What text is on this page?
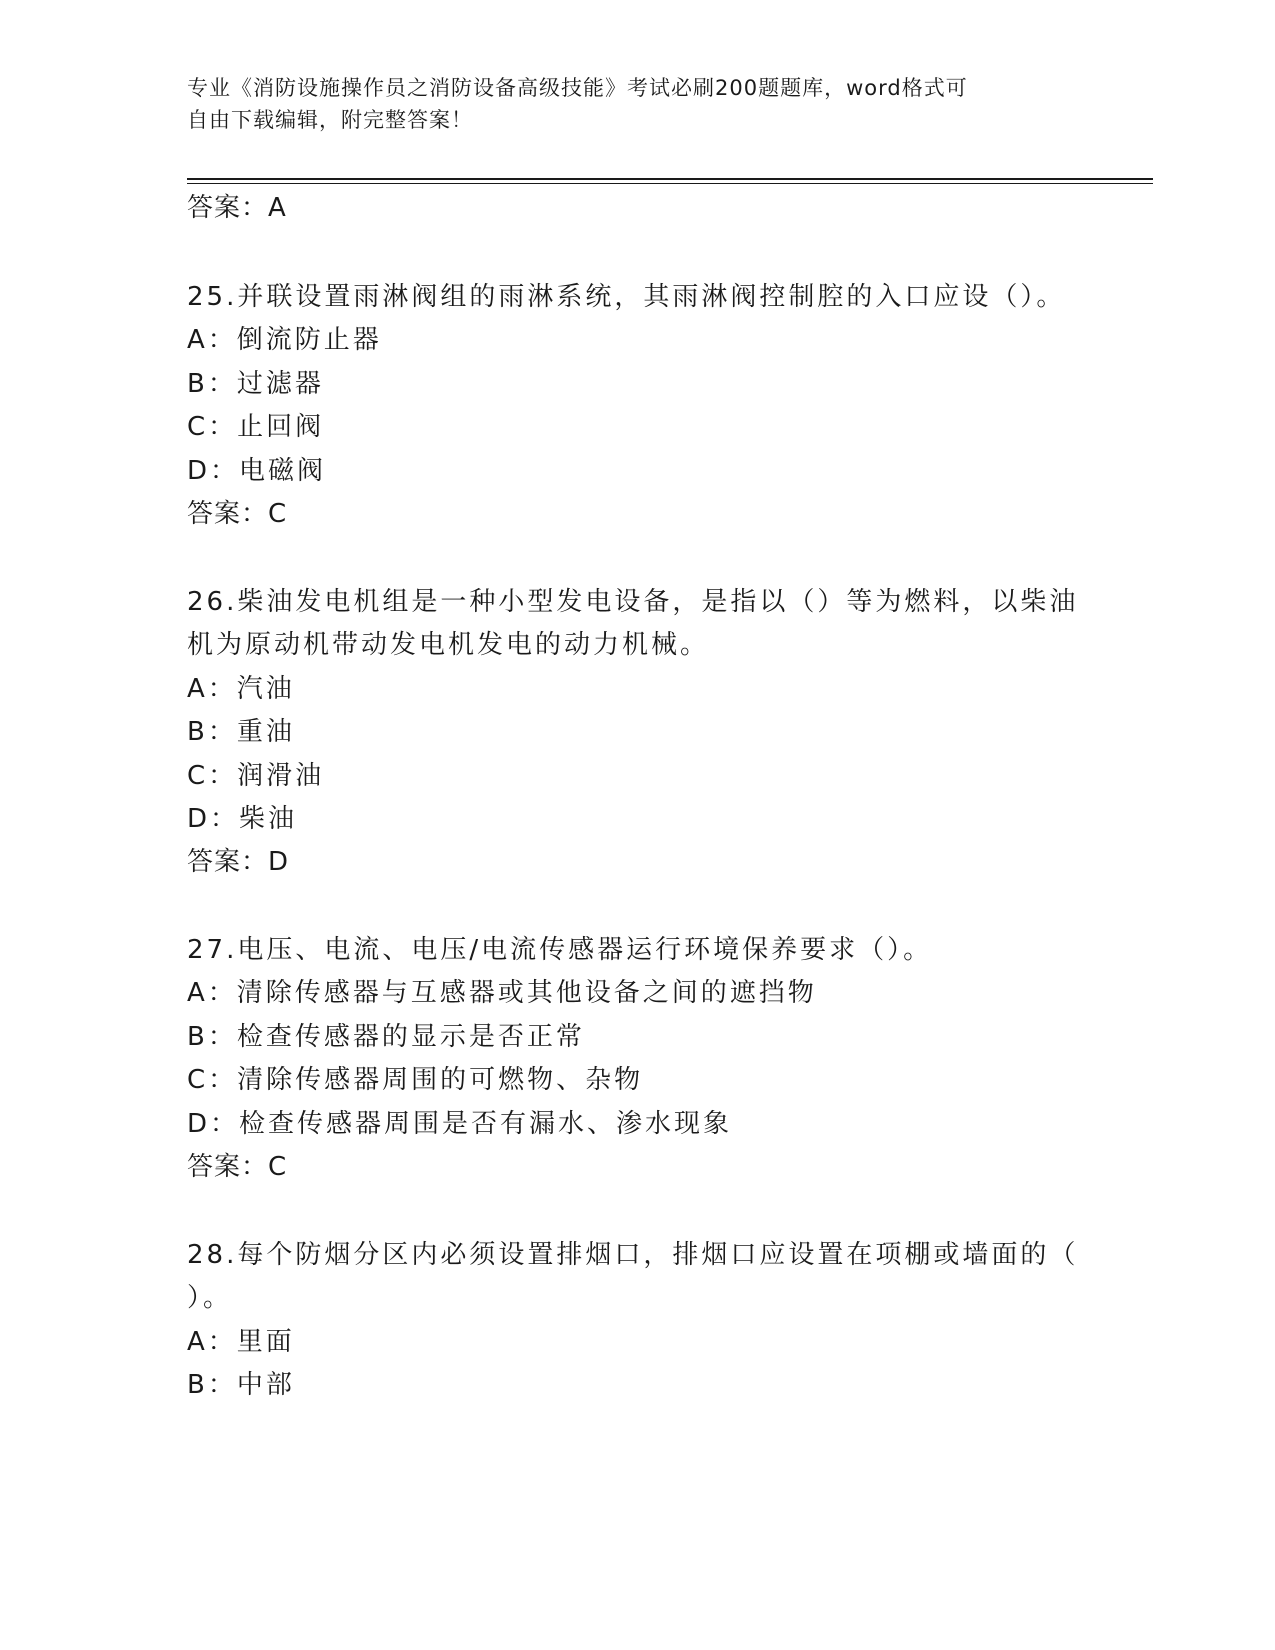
专业《消防设施操作员之消防设备高级技能》考试必刷200题题库，word格式可
自由下载编辑，附完整答案！
答案：A
25.并联设置雨淋阀组的雨淋系统，其雨淋阀控制腔的入口应设（）。
A：倒流防止器
B：过滤器
C：止回阀
D：电磁阀
答案：C
26.柴油发电机组是一种小型发电设备，是指以（）等为燃料，以柴油
机为原动机带动发电机发电的动力机械。
A：汽油
B：重油
C：润滑油
D：柴油
答案：D
27.电压、电流、电压/电流传感器运行环境保养要求（）。
A：清除传感器与互感器或其他设备之间的遮挡物
B：检查传感器的显示是否正常
C：清除传感器周围的可燃物、杂物
D：检查传感器周围是否有漏水、渗水现象
答案：C
28.每个防烟分区内必须设置排烟口，排烟口应设置在项棚或墙面的（
）。
A：里面
B：中部
